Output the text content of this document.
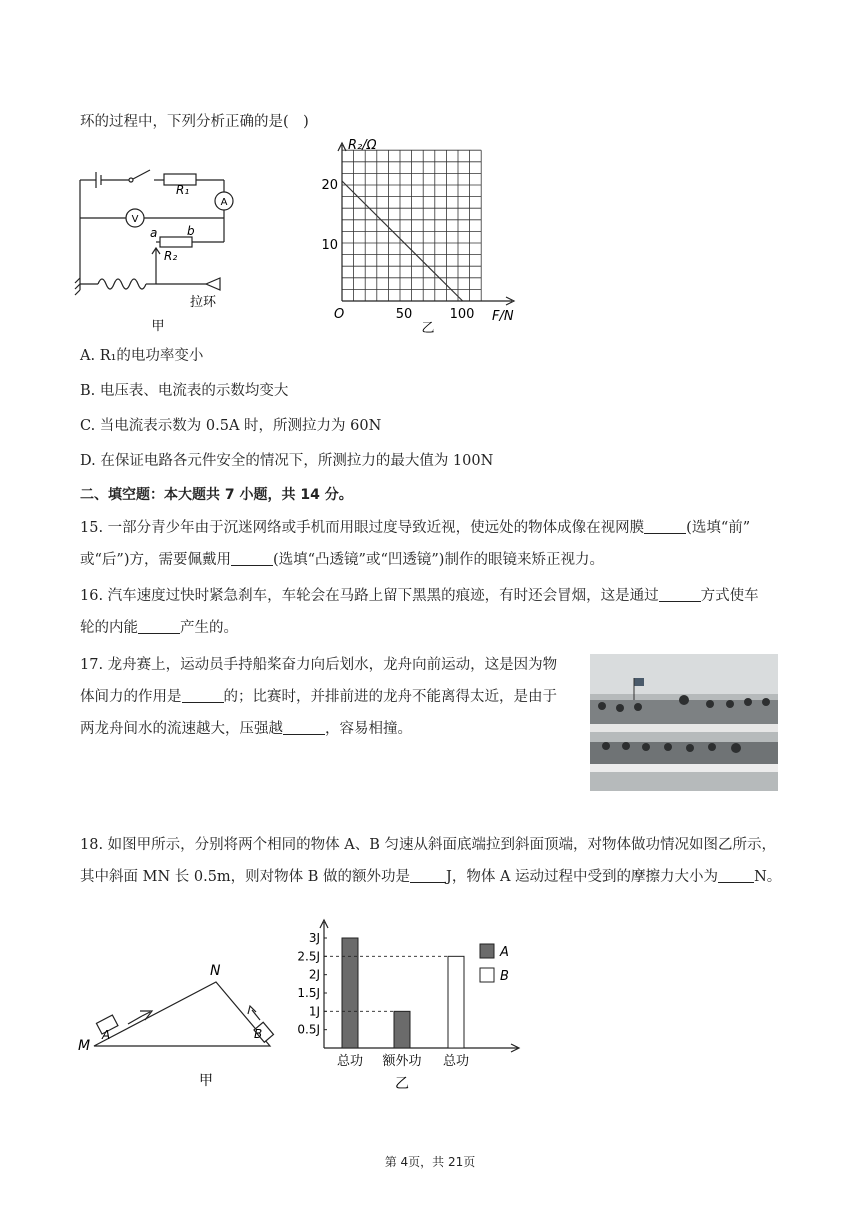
环的过程中，下列分析正确的是(　)
V
A
R₁
R₂
a b
拉环
甲
R₂/Ω
F/N
O
20
10
50	100
乙
A. R₁的电功率变小
B. 电压表、电流表的示数均变大
C. 当电流表示数为 0.5A 时，所测拉力为 60N
D. 在保证电路各元件安全的情况下，所测拉力的最大值为 100N
二、填空题：本大题共 7 小题，共 14 分。
15. 一部分青少年由于沉迷网络或手机而用眼过度导致近视，使远处的物体成像在视网膜	(选填“前”
或“后”)方，需要佩戴用	(选填“凸透镜”或“凹透镜”)制作的眼镜来矫正视力。
16. 汽车速度过快时紧急刹车，车轮会在马路上留下黑黑的痕迹，有时还会冒烟，这是通过	方式使车
轮的内能	产生的。
17. 龙舟赛上，运动员手持船桨奋力向后划水，龙舟向前运动，这是因为物
体间力的作用是	的；比赛时，并排前进的龙舟不能离得太近，是由于
两龙舟间水的流速越大，压强越	，容易相撞。
18. 如图甲所示，分别将两个相同的物体 A、B 匀速从斜面底端拉到斜面顶端，对物体做功情况如图乙所示，
其中斜面 MN 长 0.5m，则对物体 B 做的额外功是 J，物体 A 运动过程中受到的摩擦力大小为 N。
M
N
A	B
甲
3J
2.5J
2J
1.5J
1J
0.5J
总功 额外功 总功
A
B
乙
第 4页，共 21页
